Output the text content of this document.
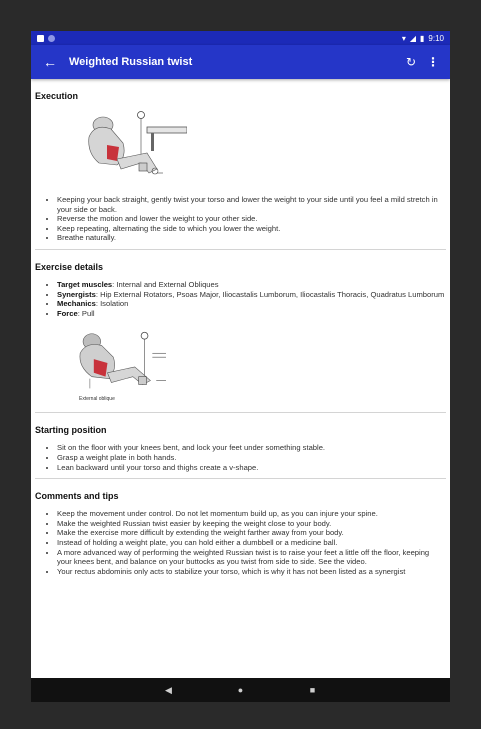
▾ ◢ ▮ 9:10
← Weighted Russian twist	↻ ⋮
Execution
• Keeping your back straight, gently twist your torso and lower the weight to your side until you feel a mild stretch in your side or back.
• Reverse the motion and lower the weight to your other side.
• Keep repeating, alternating the side to which you lower the weight.
• Breathe naturally.
Exercise details
• Target muscles: Internal and External Obliques
• Synergists: Hip External Rotators, Psoas Major, Iliocastalis Lumborum, Iliocastalis Thoracis, Quadratus Lumborum
• Mechanics: Isolation
• Force: Pull
External oblique
Starting position
• Sit on the floor with your knees bent, and lock your feet under something stable.
• Grasp a weight plate in both hands.
• Lean backward until your torso and thighs create a v-shape.
Comments and tips
• Keep the movement under control. Do not let momentum build up, as you can injure your spine.
• Make the weighted Russian twist easier by keeping the weight close to your body.
• Make the exercise more difficult by extending the weight farther away from your body.
• Instead of holding a weight plate, you can hold either a dumbbell or a medicine ball.
• A more advanced way of performing the weighted Russian twist is to raise your feet a little off the floor, keeping your knees bent, and balance on your buttocks as you twist from side to side. See the video.
• Your rectus abdominis only acts to stabilize your torso, which is why it has not been listed as a synergist
◀	●	■
